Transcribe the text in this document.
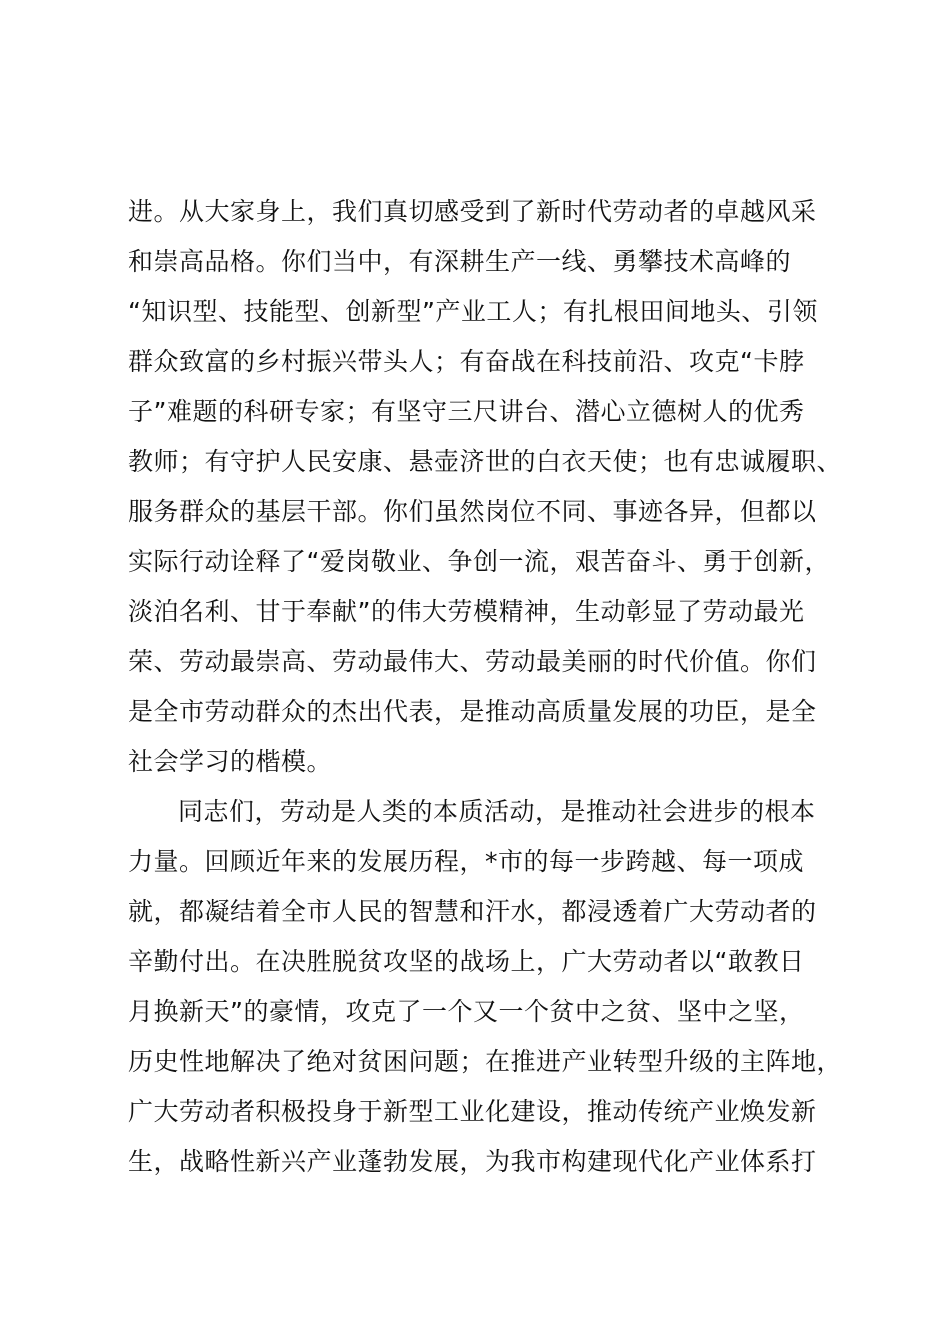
进。从大家身上，我们真切感受到了新时代劳动者的卓越风采
和崇高品格。你们当中，有深耕生产一线、勇攀技术高峰的
“知识型、技能型、创新型”产业工人；有扎根田间地头、引领
群众致富的乡村振兴带头人；有奋战在科技前沿、攻克“卡脖
子”难题的科研专家；有坚守三尺讲台、潜心立德树人的优秀
教师；有守护人民安康、悬壶济世的白衣天使；也有忠诚履职、
服务群众的基层干部。你们虽然岗位不同、事迹各异，但都以
实际行动诠释了“爱岗敬业、争创一流，艰苦奋斗、勇于创新，
淡泊名利、甘于奉献”的伟大劳模精神，生动彰显了劳动最光
荣、劳动最崇高、劳动最伟大、劳动最美丽的时代价值。你们
是全市劳动群众的杰出代表，是推动高质量发展的功臣，是全
社会学习的楷模。
同志们，劳动是人类的本质活动，是推动社会进步的根本
力量。回顾近年来的发展历程，*市的每一步跨越、每一项成
就，都凝结着全市人民的智慧和汗水，都浸透着广大劳动者的
辛勤付出。在决胜脱贫攻坚的战场上，广大劳动者以“敢教日
月换新天”的豪情，攻克了一个又一个贫中之贫、坚中之坚，
历史性地解决了绝对贫困问题；在推进产业转型升级的主阵地，
广大劳动者积极投身于新型工业化建设，推动传统产业焕发新
生，战略性新兴产业蓬勃发展，为我市构建现代化产业体系打
